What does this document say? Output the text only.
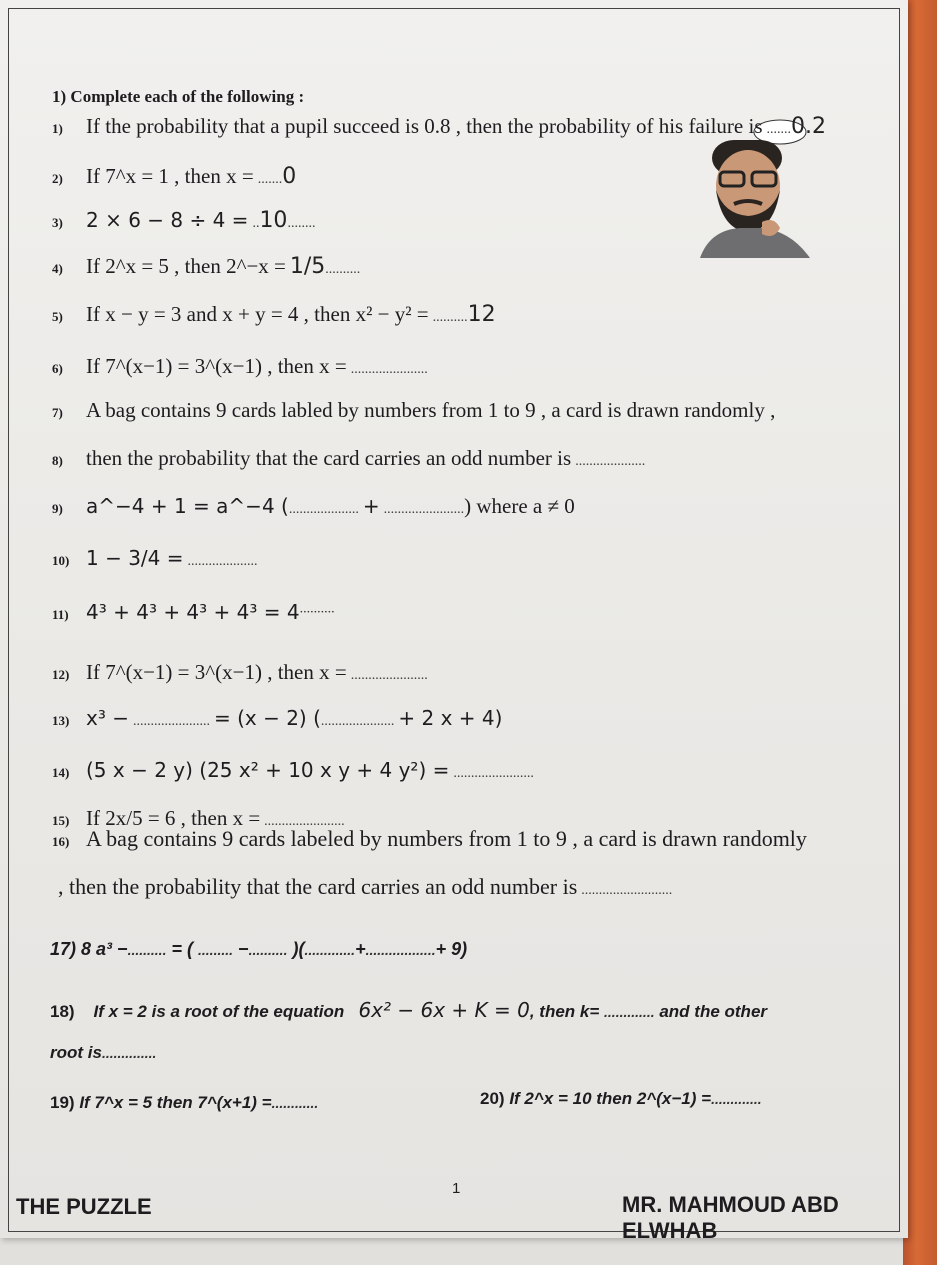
1) Complete each of the following :
1) If the probability that a pupil succeed is 0.8 , then the probability of his failure is .......0.2
2) If 7^x = 1 , then x = .......0
3) 2 × 6 − 8 ÷ 4 = ..10........
4) If 2^x = 5 , then 2^−x = 1/5..........
5) If x − y = 3 and x + y = 4 , then x² − y² = ..........12
6) If 7^(x−1) = 3^(x−1) , then x = ......................
7) A bag contains 9 cards labled by numbers from 1 to 9 , a card is drawn randomly ,
8) then the probability that the card carries an odd number is ....................
9) a^−4 + 1 = a^−4 (.................... + .......................) where a ≠ 0
10) 1 − 3/4 = ....................
11) 4³ + 4³ + 4³ + 4³ = 4..........
12) If 7^(x−1) = 3^(x−1) , then x = ......................
13) x³ − ...................... = (x − 2) (..................... + 2 x + 4)
14) (5 x − 2 y) (25 x² + 10 x y + 4 y²) = .......................
15) If 2x/5 = 6 , then x = .......................
16) A bag contains 9 cards labeled by numbers from 1 to 9 , a card is drawn randomly
, then the probability that the card carries an odd number is ..........................
17) 8 a³ −.......... = ( ......... −.......... )(.............+..................+ 9)
18) If x = 2 is a root of the equation 6x² − 6x + K = 0, then k= ............. and the other
root is..............
19) If 7^x = 5 then 7^(x+1) =............	20) If 2^x = 10 then 2^(x−1) =.............
THE PUZZLE
1
MR. MAHMOUD ABD ELWHAB
